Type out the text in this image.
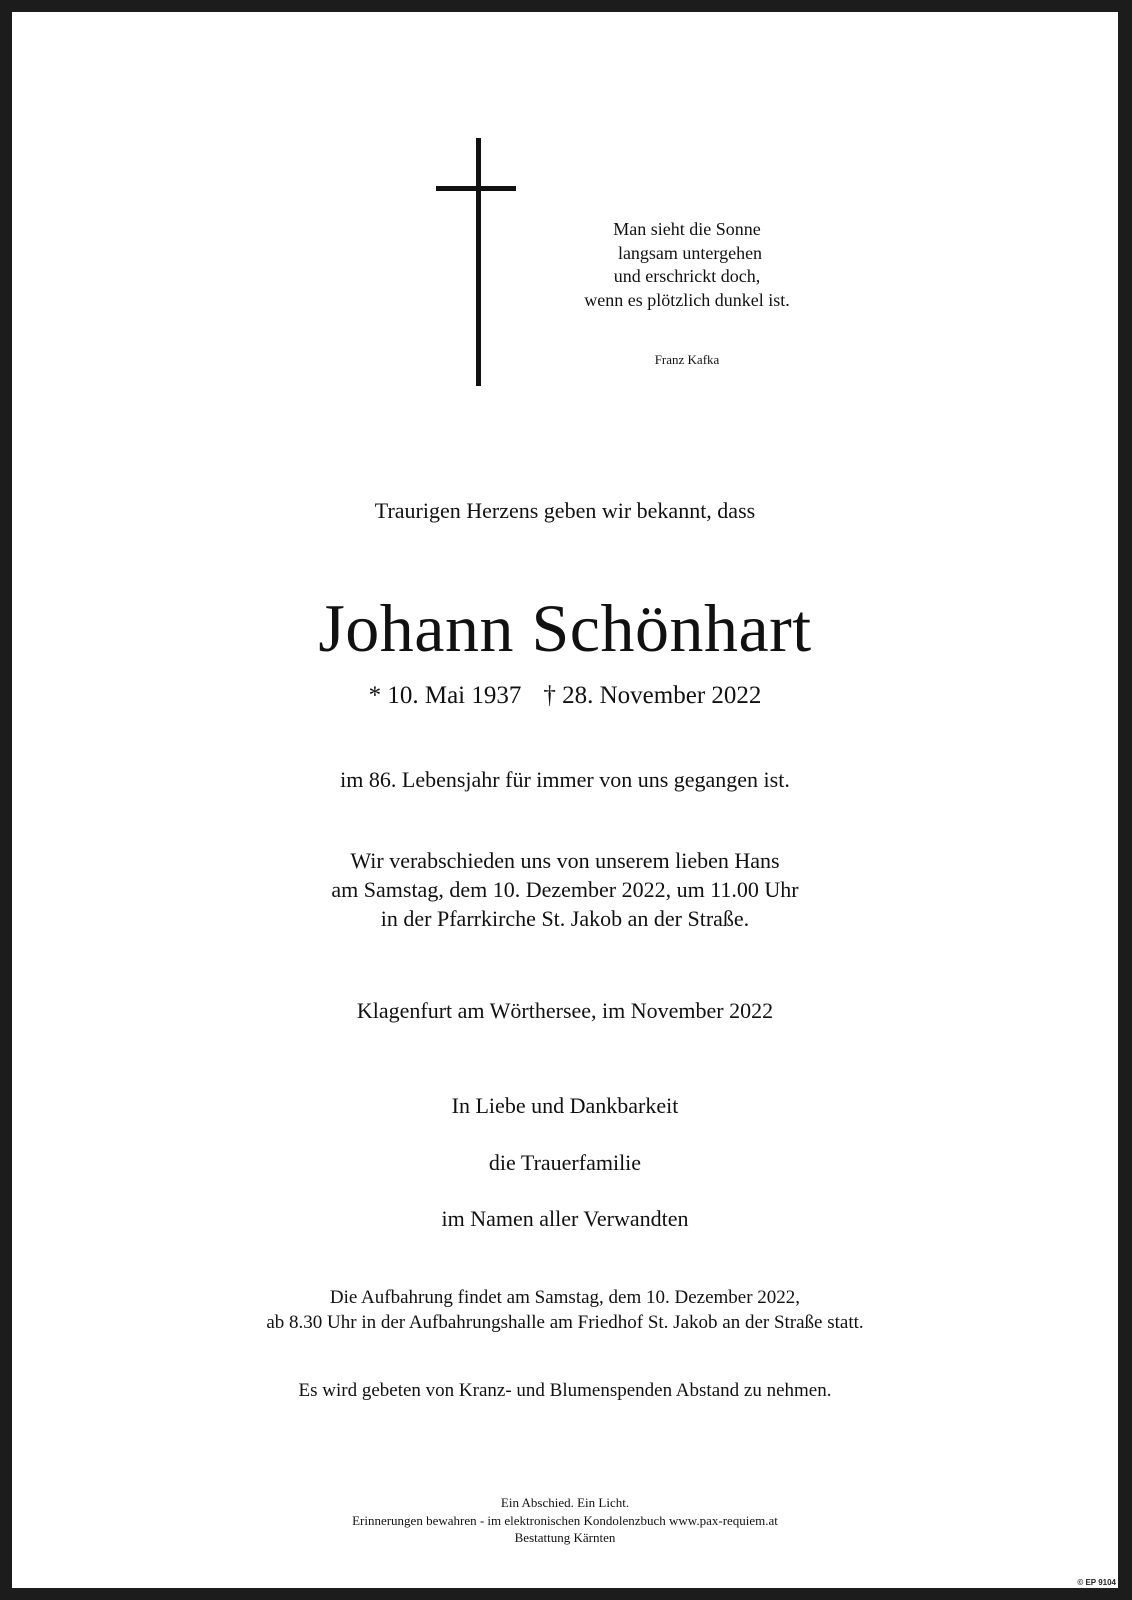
Man sieht die Sonne
langsam untergehen
und erschrickt doch,
wenn es plötzlich dunkel ist.
Franz Kafka
Traurigen Herzens geben wir bekannt, dass
Johann Schönhart
* 10. Mai 1937 † 28. November 2022
im 86. Lebensjahr für immer von uns gegangen ist.
Wir verabschieden uns von unserem lieben Hans
am Samstag, dem 10. Dezember 2022, um 11.00 Uhr
in der Pfarrkirche St. Jakob an der Straße.
Klagenfurt am Wörthersee, im November 2022
In Liebe und Dankbarkeit
die Trauerfamilie
im Namen aller Verwandten
Die Aufbahrung findet am Samstag, dem 10. Dezember 2022,
ab 8.30 Uhr in der Aufbahrungshalle am Friedhof St. Jakob an der Straße statt.
Es wird gebeten von Kranz- und Blumenspenden Abstand zu nehmen.
Ein Abschied. Ein Licht.
Erinnerungen bewahren - im elektronischen Kondolenzbuch www.pax-requiem.at
Bestattung Kärnten
© EP 9104
